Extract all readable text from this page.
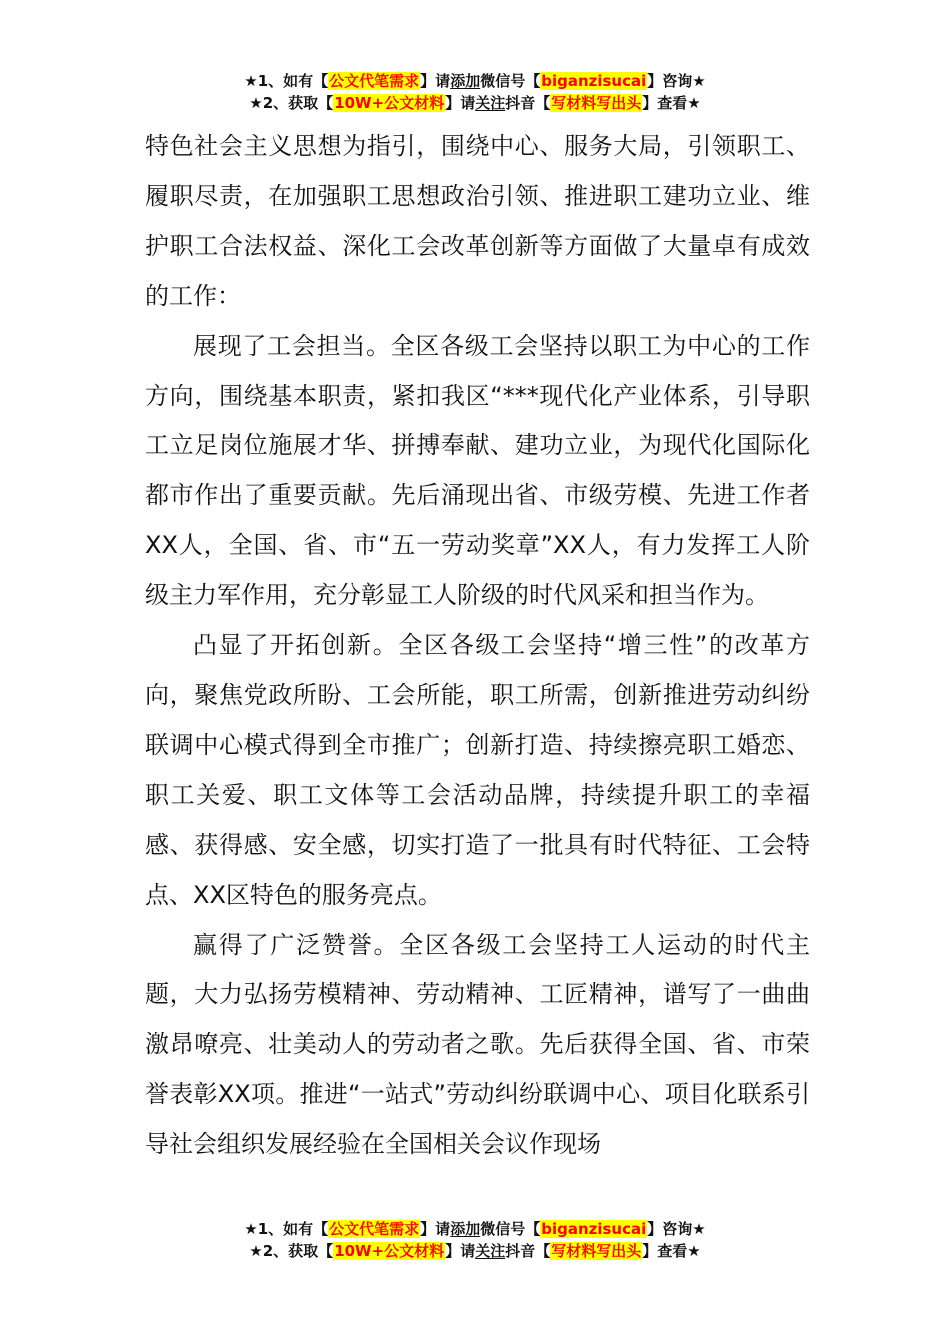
★1、如有【公文代笔需求】请添加微信号【biganzisucai】咨询★
★2、获取【10W+公文材料】请关注抖音【写材料写出头】查看★

特色社会主义思想为指引，围绕中心、服务大局，引领职工、履职尽责，在加强职工思想政治引领、推进职工建功立业、维护职工合法权益、深化工会改革创新等方面做了大量卓有成效的工作：

展现了工会担当。全区各级工会坚持以职工为中心的工作方向，围绕基本职责，紧扣我区“***现代化产业体系，引导职工立足岗位施展才华、拼搏奉献、建功立业，为现代化国际化都市作出了重要贡献。先后涌现出省、市级劳模、先进工作者XX人，全国、省、市“五一劳动奖章”XX人，有力发挥工人阶级主力军作用，充分彰显工人阶级的时代风采和担当作为。

凸显了开拓创新。全区各级工会坚持“增三性”的改革方向，聚焦党政所盼、工会所能，职工所需，创新推进劳动纠纷联调中心模式得到全市推广；创新打造、持续擦亮职工婚恋、职工关爱、职工文体等工会活动品牌，持续提升职工的幸福感、获得感、安全感，切实打造了一批具有时代特征、工会特点、XX区特色的服务亮点。

赢得了广泛赞誉。全区各级工会坚持工人运动的时代主题，大力弘扬劳模精神、劳动精神、工匠精神，谱写了一曲曲激昂嘹亮、壮美动人的劳动者之歌。先后获得全国、省、市荣誉表彰XX项。推进“一站式”劳动纠纷联调中心、项目化联系引导社会组织发展经验在全国相关会议作现场

★1、如有【公文代笔需求】请添加微信号【biganzisucai】咨询★
★2、获取【10W+公文材料】请关注抖音【写材料写出头】查看★
